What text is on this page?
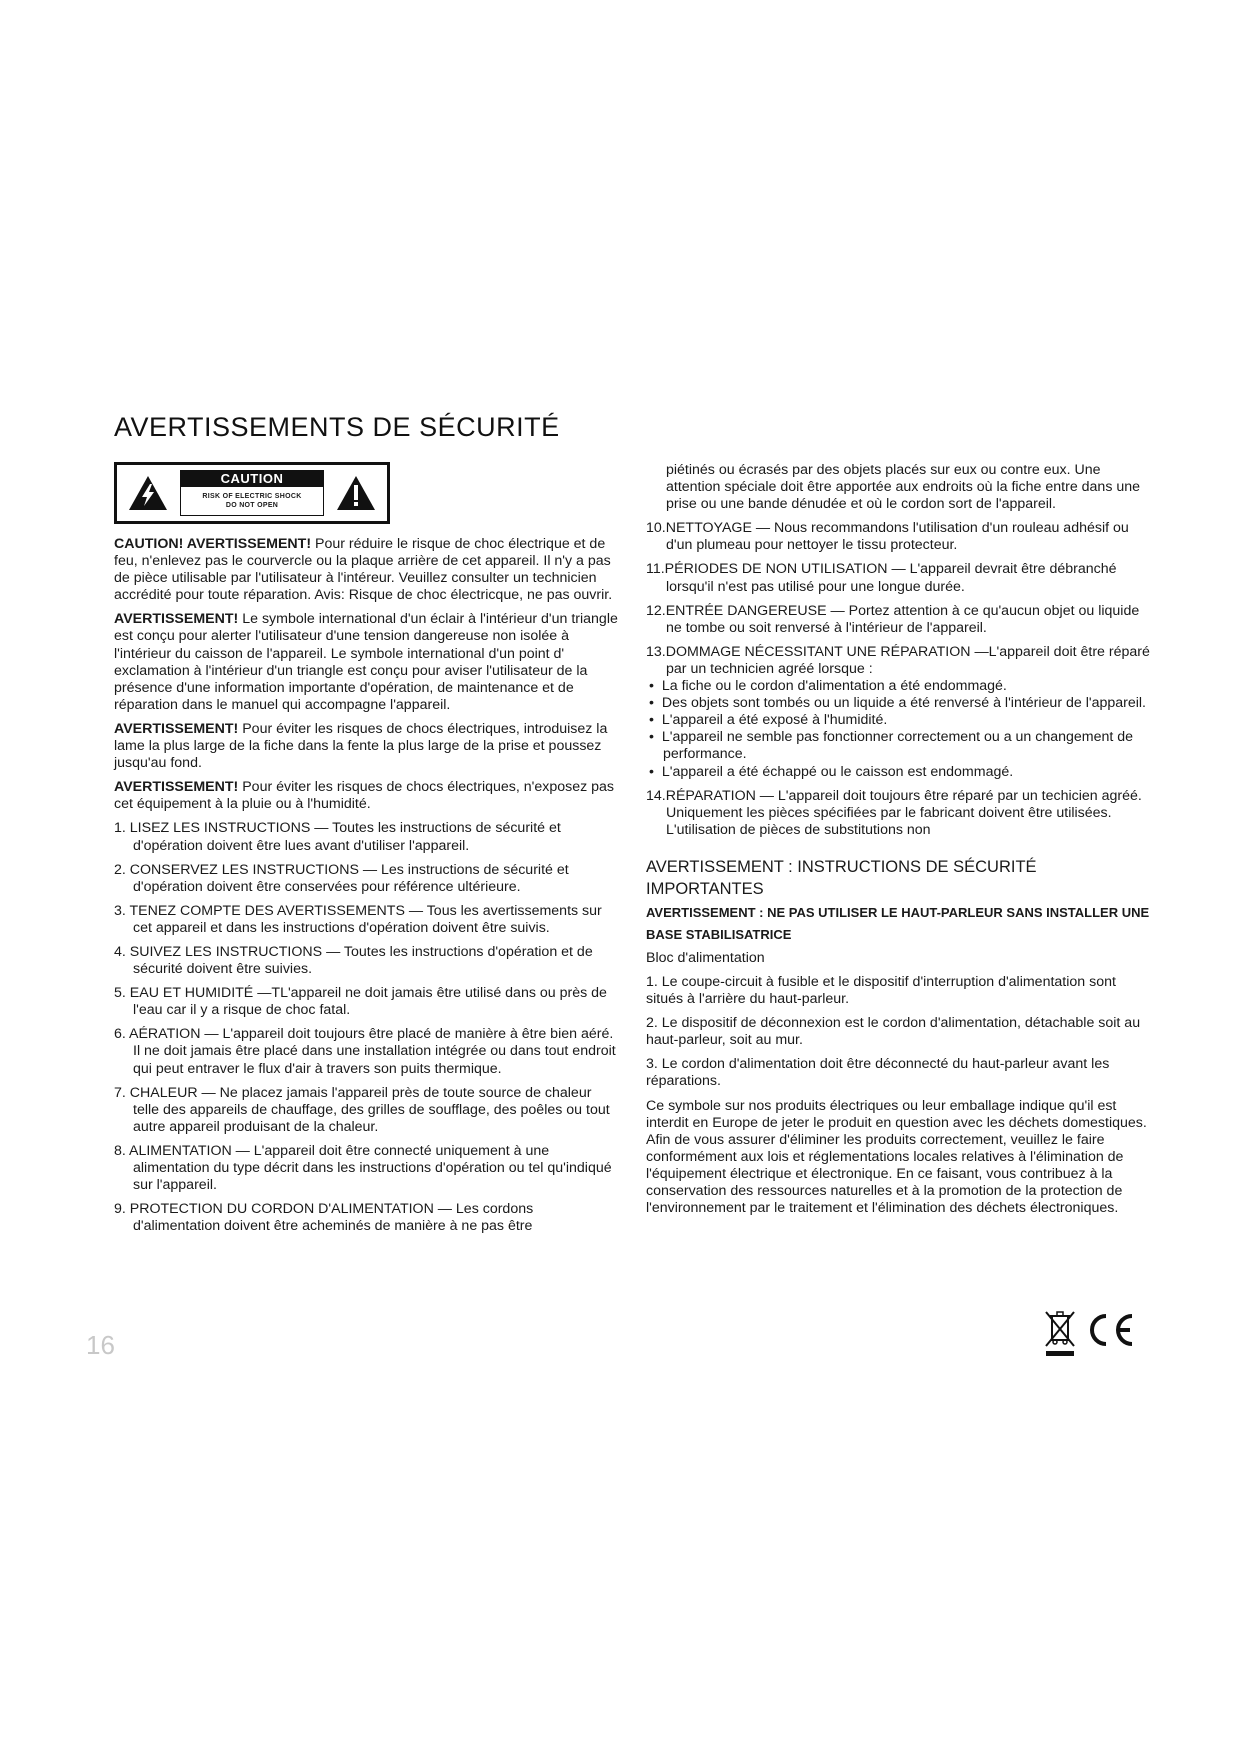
AVERTISSEMENTS DE SÉCURITÉ
CAUTION
RISK OF ELECTRIC SHOCK
DO NOT OPEN

CAUTION! AVERTISSEMENT! Pour réduire le risque de choc électrique et de feu, n'enlevez pas le courvercle ou la plaque arrière de cet appareil. Il n'y a pas de pièce utilisable par l'utilisateur à l'intéreur. Veuillez consulter un technicien accrédité pour toute réparation. Avis: Risque de choc électricque, ne pas ouvrir.

AVERTISSEMENT! Le symbole international d'un éclair à l'intérieur d'un triangle est conçu pour alerter l'utilisateur d'une tension dangereuse non isolée à l'intérieur du caisson de l'appareil. Le symbole international d'un point d' exclamation à l'intérieur d'un triangle est conçu pour aviser l'utilisateur de la présence d'une information importante d'opération, de maintenance et de réparation dans le manuel qui accompagne l'appareil.

AVERTISSEMENT! Pour éviter les risques de chocs électriques, introduisez la lame la plus large de la fiche dans la fente la plus large de la prise et poussez jusqu'au fond.

AVERTISSEMENT! Pour éviter les risques de chocs électriques, n'exposez pas cet équipement à la pluie ou à l'humidité.

1. LISEZ LES INSTRUCTIONS — Toutes les instructions de sécurité et d'opération doivent être lues avant d'utiliser l'appareil.

2. CONSERVEZ LES INSTRUCTIONS — Les instructions de sécurité et d'opération doivent être conservées pour référence ultérieure.

3. TENEZ COMPTE DES AVERTISSEMENTS — Tous les avertissements sur cet appareil et dans les instructions d'opération doivent être suivis.

4. SUIVEZ LES INSTRUCTIONS — Toutes les instructions d'opération et de sécurité doivent être suivies.

5. EAU ET HUMIDITÉ —TL'appareil ne doit jamais être utilisé dans ou près de l'eau car il y a risque de choc fatal.

6. AÉRATION — L'appareil doit toujours être placé de manière à être bien aéré. Il ne doit jamais être placé dans une installation intégrée ou dans tout endroit qui peut entraver le flux d'air à travers son puits thermique.

7. CHALEUR — Ne placez jamais l'appareil près de toute source de chaleur telle des appareils de chauffage, des grilles de soufflage, des poêles ou tout autre appareil produisant de la chaleur.

8. ALIMENTATION — L'appareil doit être connecté uniquement à une alimentation du type décrit dans les instructions d'opération ou tel qu'indiqué sur l'appareil.

9. PROTECTION DU CORDON D'ALIMENTATION — Les cordons d'alimentation doivent être acheminés de manière à ne pas être

piétinés ou écrasés par des objets placés sur eux ou contre eux. Une attention spéciale doit être apportée aux endroits où la fiche entre dans une prise ou une bande dénudée et où le cordon sort de l'appareil.

10.NETTOYAGE — Nous recommandons l'utilisation d'un rouleau adhésif ou d'un plumeau pour nettoyer le tissu protecteur.

11.PÉRIODES DE NON UTILISATION — L'appareil devrait être débranché lorsqu'il n'est pas utilisé pour une longue durée.

12.ENTRÉE DANGEREUSE — Portez attention à ce qu'aucun objet ou liquide ne tombe ou soit renversé à l'intérieur de l'appareil.

13.DOMMAGE NÉCESSITANT UNE RÉPARATION —L'appareil doit être réparé par un technicien agréé lorsque :

•  La fiche ou le cordon d'alimentation a été endommagé.

•  Des objets sont tombés ou un liquide a été renversé à l'intérieur de l'appareil.

•  L'appareil a été exposé à l'humidité.

•  L'appareil ne semble pas fonctionner correctement ou a un changement de performance.

•  L'appareil a été échappé ou le caisson est endommagé.

14.RÉPARATION — L'appareil doit toujours être réparé par un techicien agréé. Uniquement les pièces spécifiées par le fabricant doivent être utilisées. L'utilisation de pièces de substitutions non

AVERTISSEMENT : INSTRUCTIONS DE SÉCURITÉ IMPORTANTES
AVERTISSEMENT : NE PAS UTILISER LE HAUT-PARLEUR SANS INSTALLER UNE BASE STABILISATRICE

Bloc d'alimentation

1. Le coupe-circuit à fusible et le dispositif d'interruption d'alimentation sont situés à l'arrière du haut-parleur.

2. Le dispositif de déconnexion est le cordon d'alimentation, détachable soit au haut-parleur, soit au mur.

3. Le cordon d'alimentation doit être déconnecté du haut-parleur avant les réparations.

Ce symbole sur nos produits électriques ou leur emballage indique qu'il est interdit en Europe de jeter le produit en question avec les déchets domestiques. Afin de vous assurer d'éliminer les produits correctement, veuillez le faire conformément aux lois et réglementations locales relatives à l'élimination de l'équipement électrique et électronique. En ce faisant, vous contribuez à la conservation des ressources naturelles et à la promotion de la protection de l'environnement par le traitement et l'élimination des déchets électroniques.

16
